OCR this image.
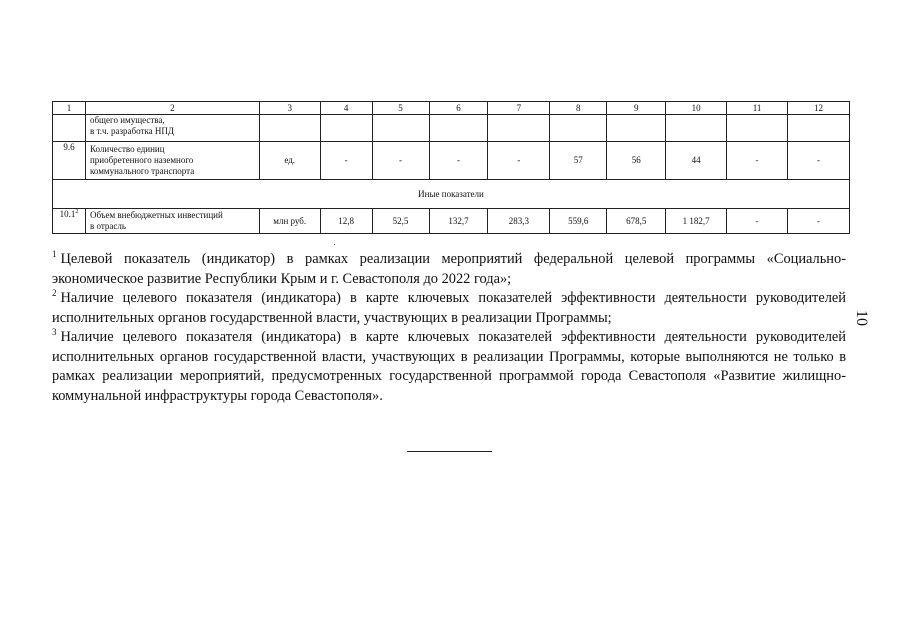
1	2	3	4	5	6	7	8	9	10	11	12

	общего имущества,
в т.ч. разработка НПД										

9.6	Количество единиц
приобретенного наземного
коммунального транспорта	ед.	-	-	-	-	57	56	44	-	-
Иные показатели											
10.1$^2$	Объем внебюджетных инвестиций
в отрасль	млн руб.	12,8	52,5	132,7	283,3	559,6	678,5	1 182,7	-	-

$^1$ Целевой показатель (индикатор) в рамках реализации мероприятий федеральной целевой программы «Социально-экономическое развитие Республики Крым и г. Севастополя до 2022 года»;

$^2$ Наличие целевого показателя (индикатора) в карте ключевых показателей эффективности деятельности руководителей исполнительных органов государственной власти, участвующих в реализации Программы;

$^3$ Наличие целевого показателя (индикатора) в карте ключевых показателей эффективности деятельности руководителей исполнительных органов государственной власти, участвующих в реализации Программы, которые выполняются не только в рамках реализации мероприятий, предусмотренных государственной программой города Севастополя «Развитие жилищно-коммунальной инфраструктуры города Севастополя».

10
